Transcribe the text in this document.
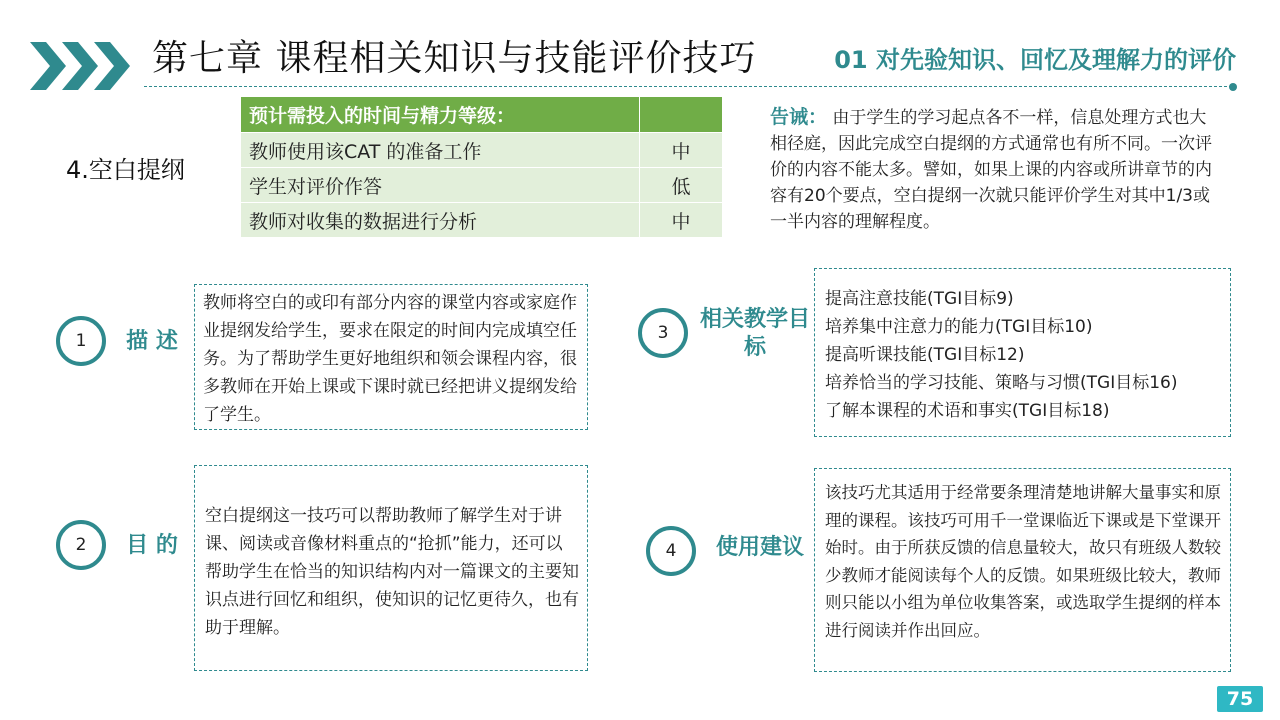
第七章 课程相关知识与技能评价技巧	01 对先验知识、回忆及理解力的评价
4.空白提纲
预计需投入的时间与精力等级：	
教师使用该CAT 的准备工作	中
学生对评价作答	低
教师对收集的数据进行分析	中
告诫： 由于学生的学习起点各不一样，信息处理方式也大相径庭，因此完成空白提纲的方式通常也有所不同。一次评价的内容不能太多。譬如，如果上课的内容或所讲章节的内容有20个要点，空白提纲一次就只能评价学生对其中1/3或一半内容的理解程度。
1	描 述
教师将空白的或印有部分内容的课堂内容或家庭作业提纲发给学生，要求在限定的时间内完成填空任务。为了帮助学生更好地组织和领会课程内容，很多教师在开始上课或下课时就已经把讲义提纲发给了学生。
2	目 的
空白提纲这一技巧可以帮助教师了解学生对于讲课、阅读或音像材料重点的“抢抓”能力，还可以帮助学生在恰当的知识结构内对一篇课文的主要知识点进行回忆和组织，使知识的记忆更待久，也有助于理解。
3
相关教学目标
提高注意技能(TGI目标9)
培养集中注意力的能力(TGI目标10)
提高听课技能(TGI目标12)
培养恰当的学习技能、策略与习惯(TGI目标16)
了解本课程的术语和事实(TGI目标18)
4	使用建议
该技巧尤其适用于经常要条理清楚地讲解大量事实和原理的课程。该技巧可用千一堂课临近下课或是下堂课开始时。由于所获反馈的信息量较大，故只有班级人数较少教师才能阅读每个人的反馈。如果班级比较大，教师则只能以小组为单位收集答案，或选取学生提纲的样本进行阅读并作出回应。
75
